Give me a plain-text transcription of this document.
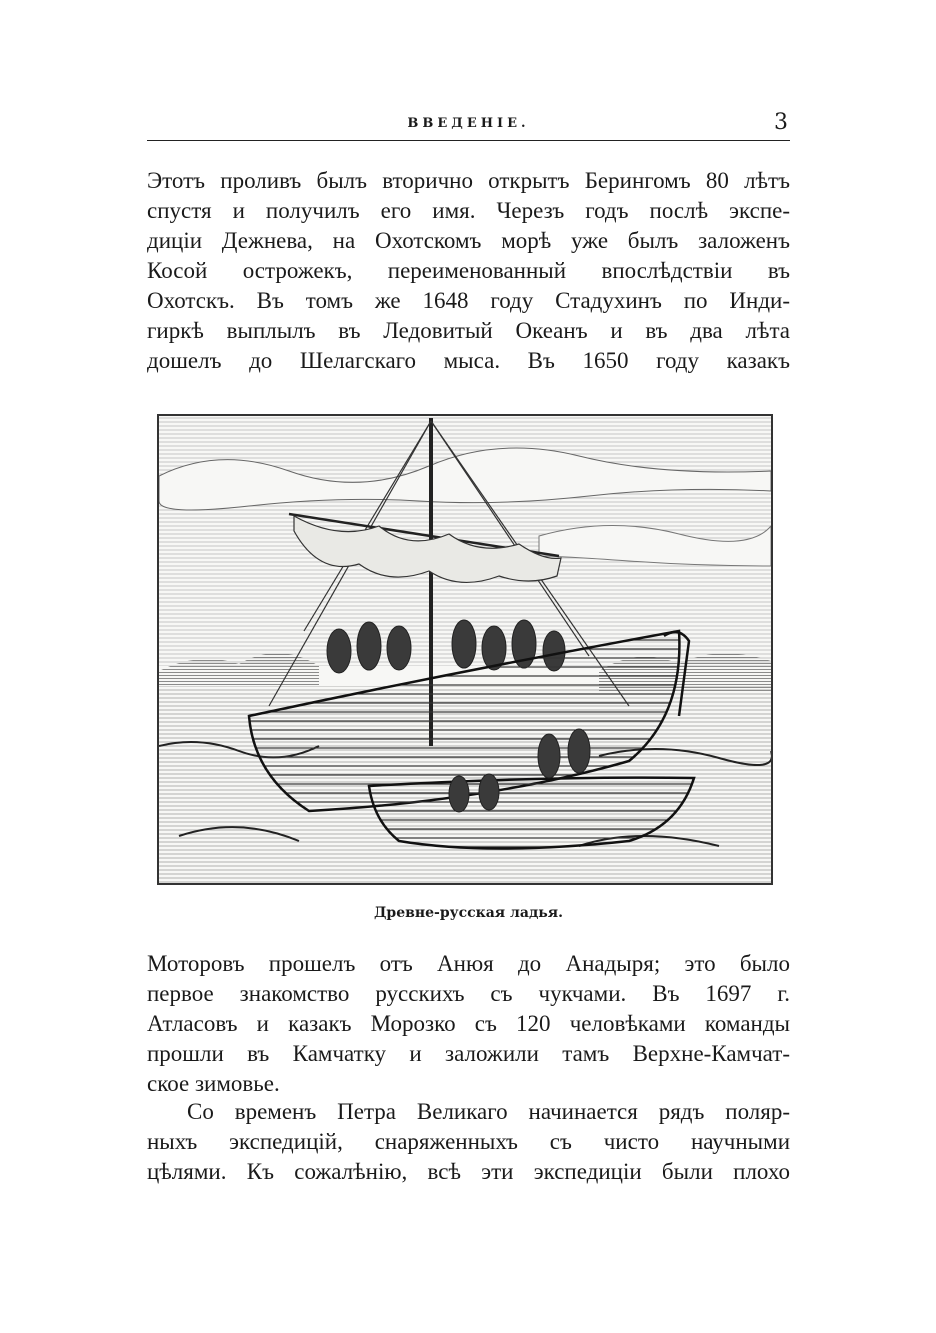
ВВЕДЕНІЕ.	3

Этотъ проливъ былъ вторично открытъ Берингомъ 80 лѣтъ

спустя и получилъ его имя. Черезъ годъ послѣ экспе-

диціи Дежнева, на Охотскомъ морѣ уже былъ заложенъ

Косой острожекъ, переименованный впослѣдствіи въ

Охотскъ. Въ томъ же 1648 году Стадухинъ по Инди-

гиркѣ выплылъ въ Ледовитый Океанъ и въ два лѣта

дошелъ до Шелагскаго мыса. Въ 1650 году казакъ

Древне-русская ладья.

Моторовъ прошелъ отъ Анюя до Анадыря; это было

первое знакомство русскихъ съ чукчами. Въ 1697 г.

Атласовъ и казакъ Морозко съ 120 человѣками команды

прошли въ Камчатку и заложили тамъ Верхне-Камчат-

ское зимовье.

Со временъ Петра Великаго начинается рядъ поляр-

ныхъ экспедицій, снаряженныхъ съ чисто научными

цѣлями. Къ сожалѣнію, всѣ эти экспедиціи были плохо
